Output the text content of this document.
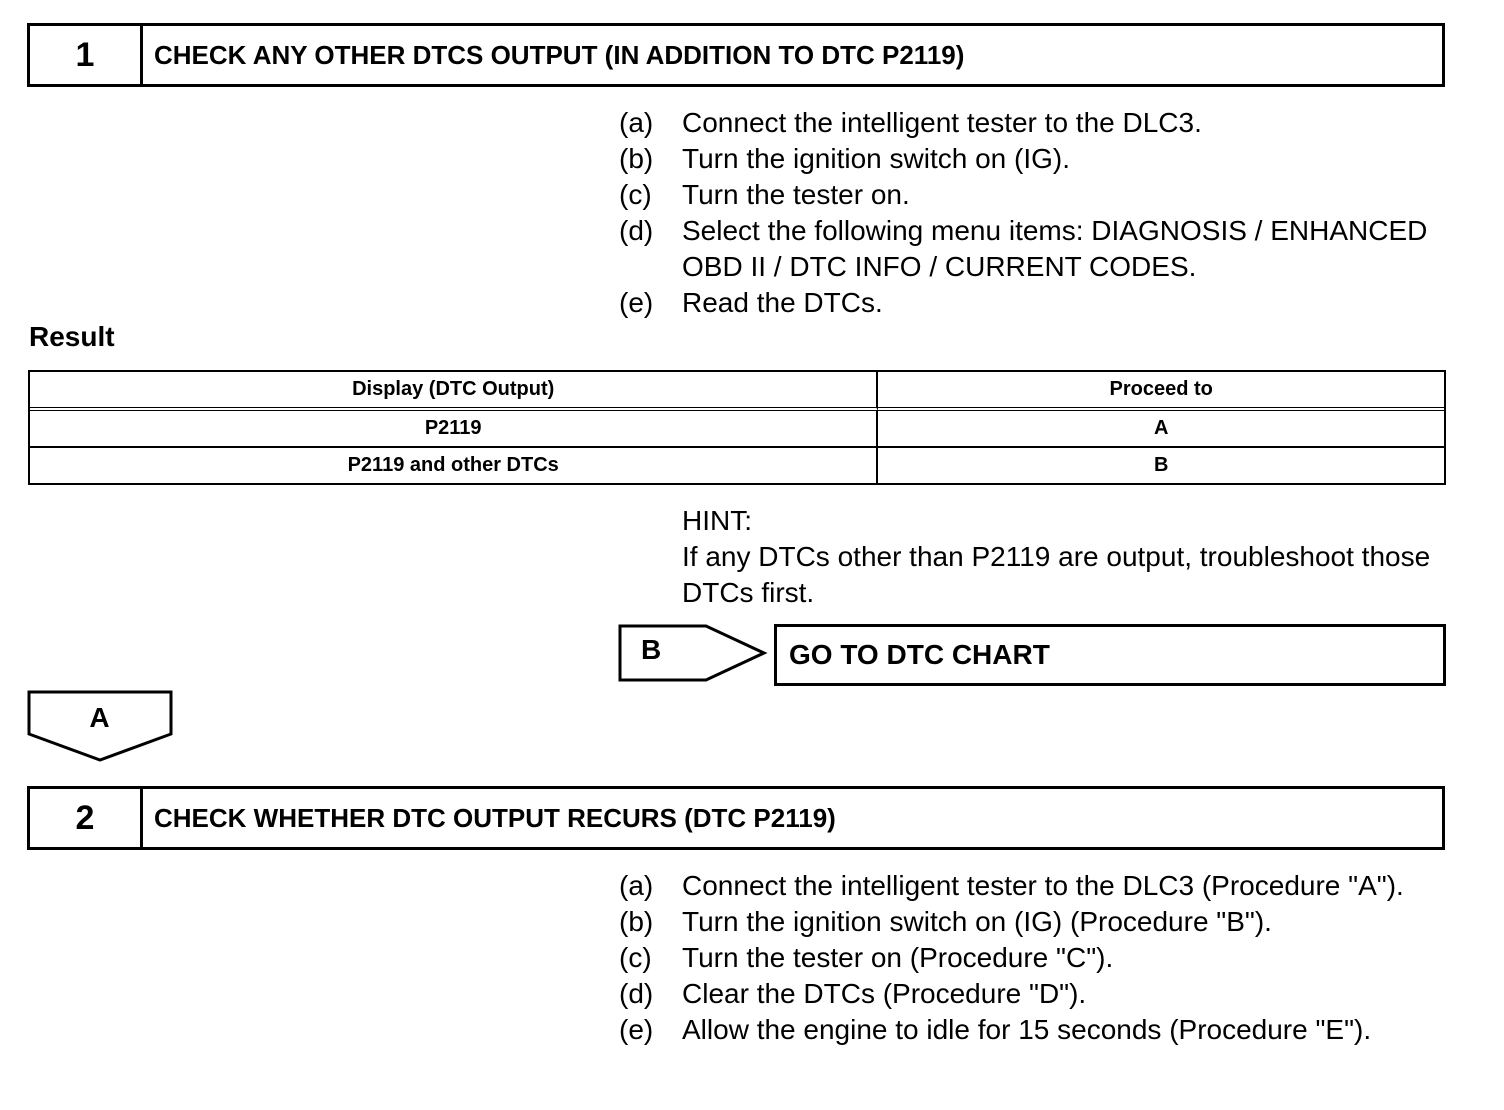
1	CHECK ANY OTHER DTCS OUTPUT (IN ADDITION TO DTC P2119)
(a)	Connect the intelligent tester to the DLC3.
(b)	Turn the ignition switch on (IG).
(c)	Turn the tester on.
(d)	Select the following menu items: DIAGNOSIS / ENHANCED OBD II / DTC INFO / CURRENT CODES.
(e)	Read the DTCs.
Result
Display (DTC Output)	Proceed to
P2119	A
P2119 and other DTCs	B
HINT:
If any DTCs other than P2119 are output, troubleshoot those DTCs first.
B	GO TO DTC CHART
A
2	CHECK WHETHER DTC OUTPUT RECURS (DTC P2119)
(a)	Connect the intelligent tester to the DLC3 (Procedure "A").
(b)	Turn the ignition switch on (IG) (Procedure "B").
(c)	Turn the tester on (Procedure "C").
(d)	Clear the DTCs (Procedure "D").
(e)	Allow the engine to idle for 15 seconds (Procedure "E").
